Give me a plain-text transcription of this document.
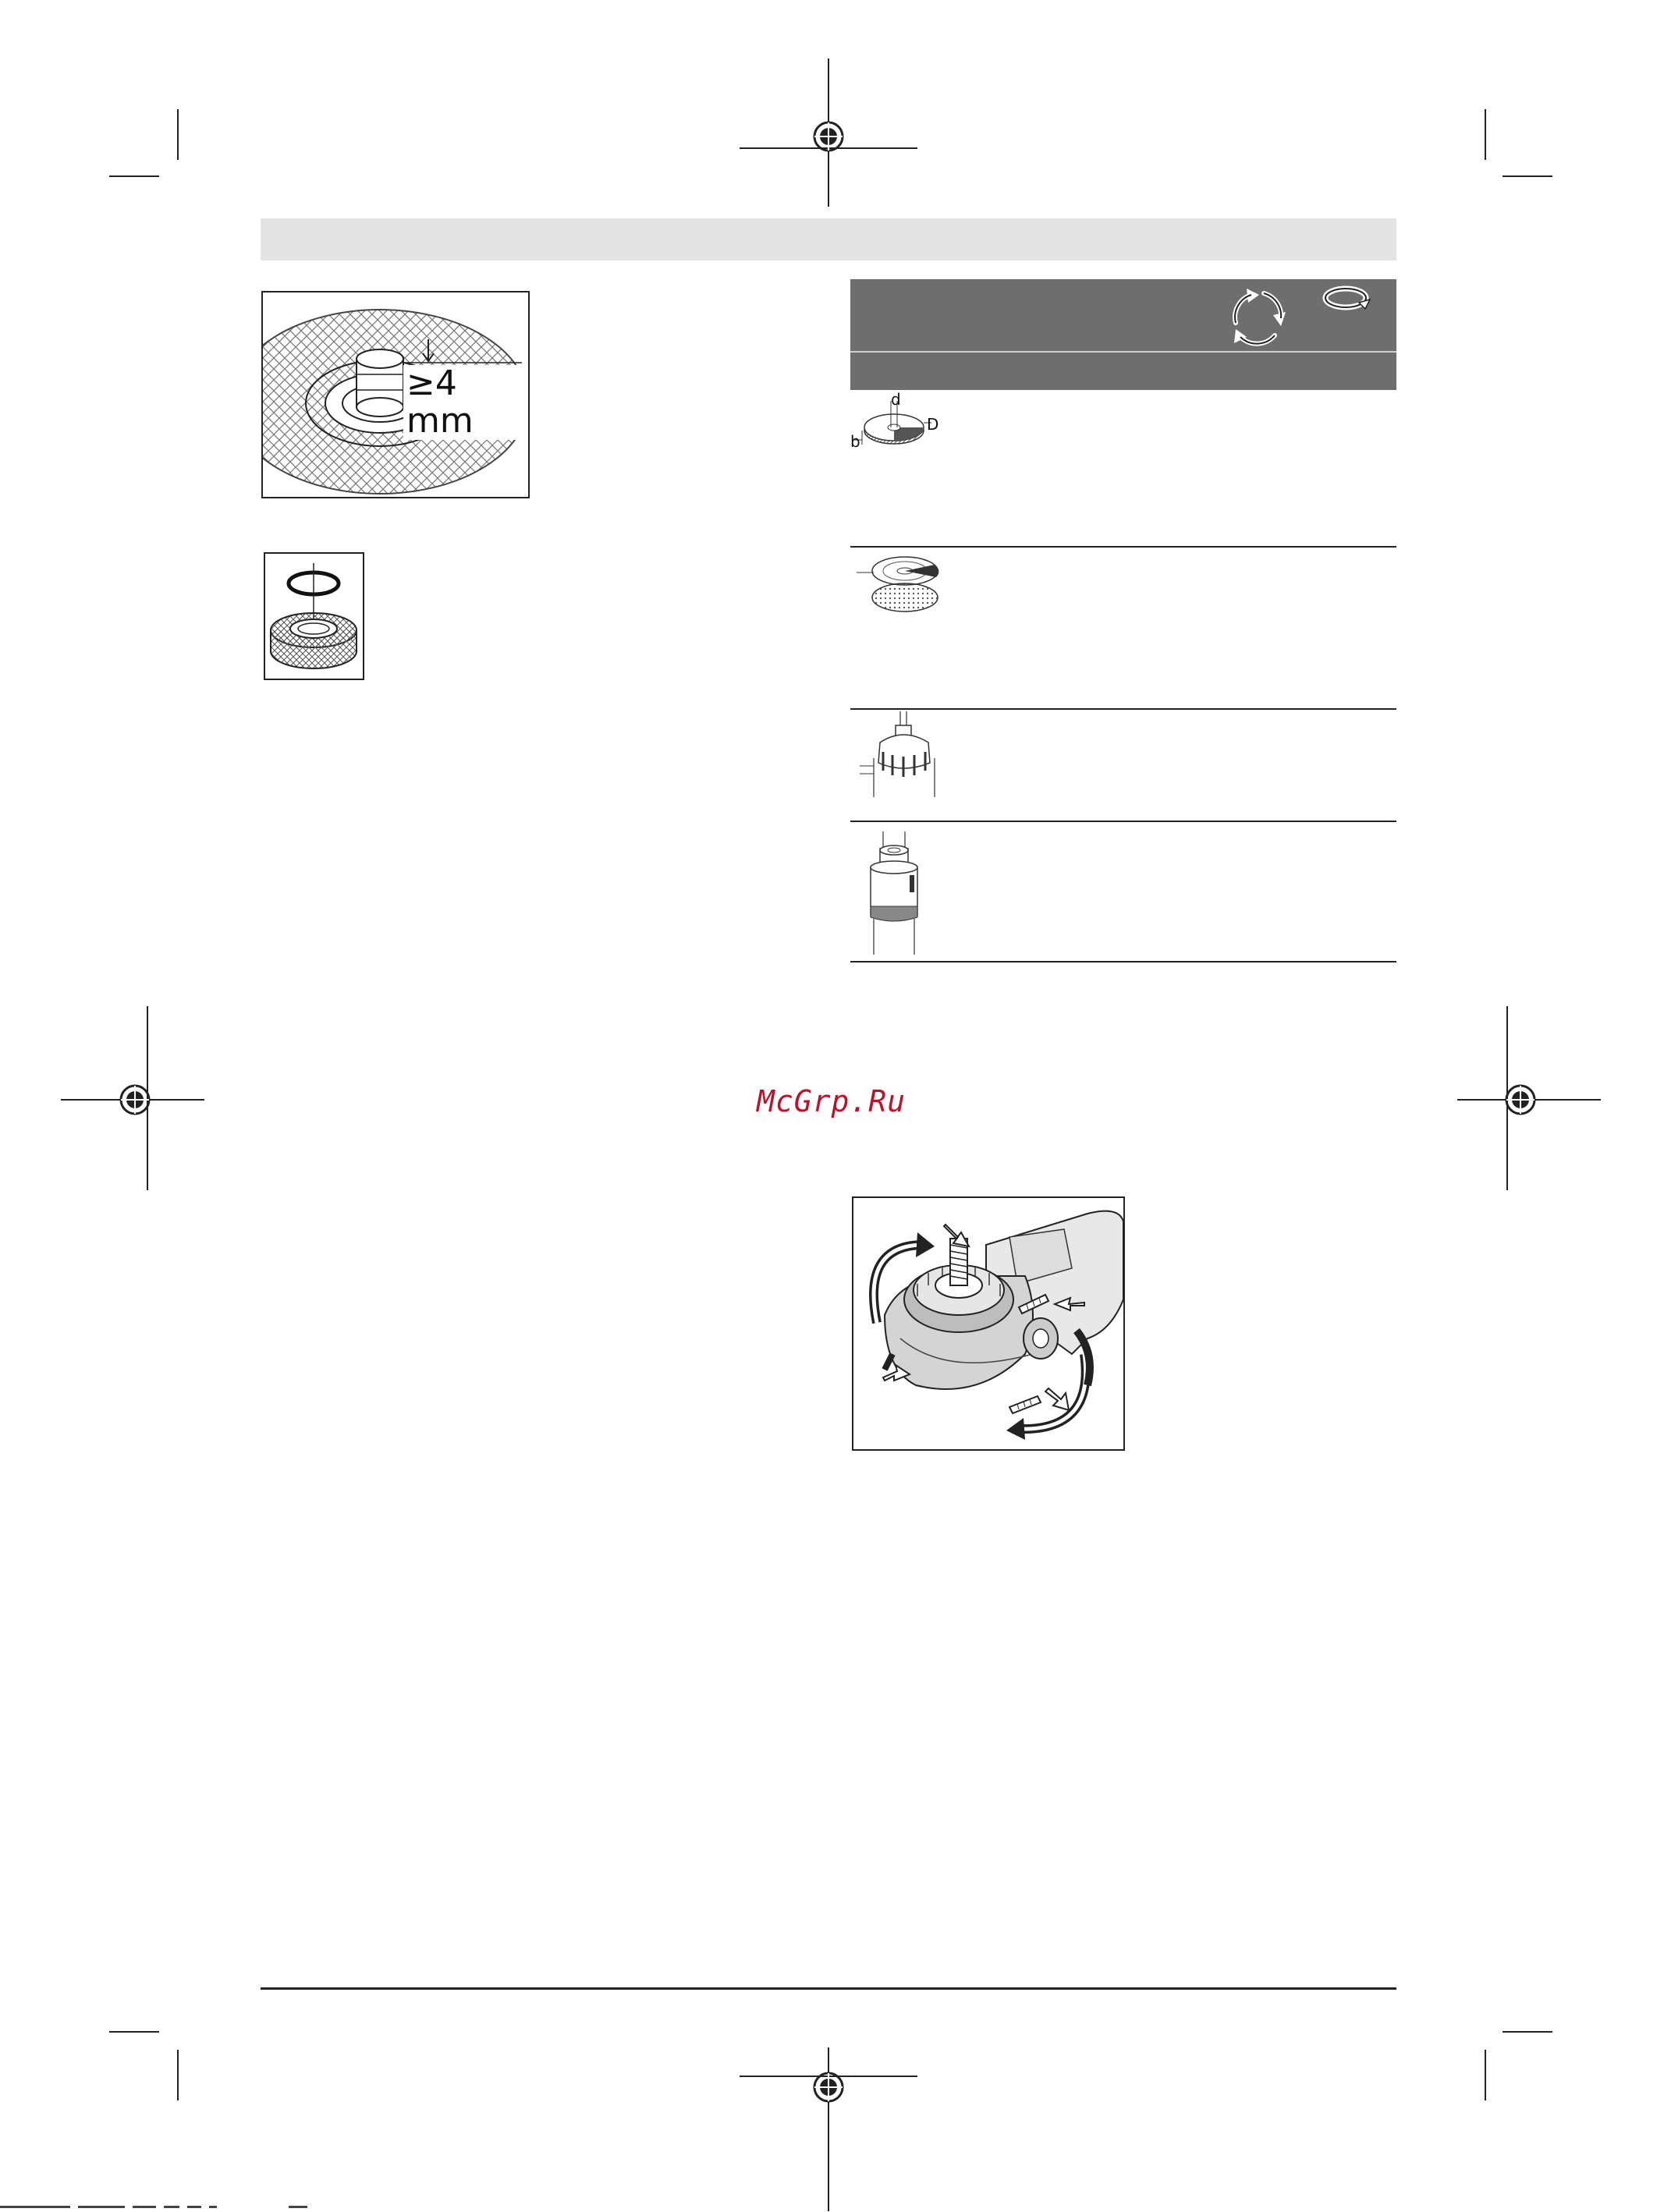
≥4 mm
d
D
b
McGrp.Ru
